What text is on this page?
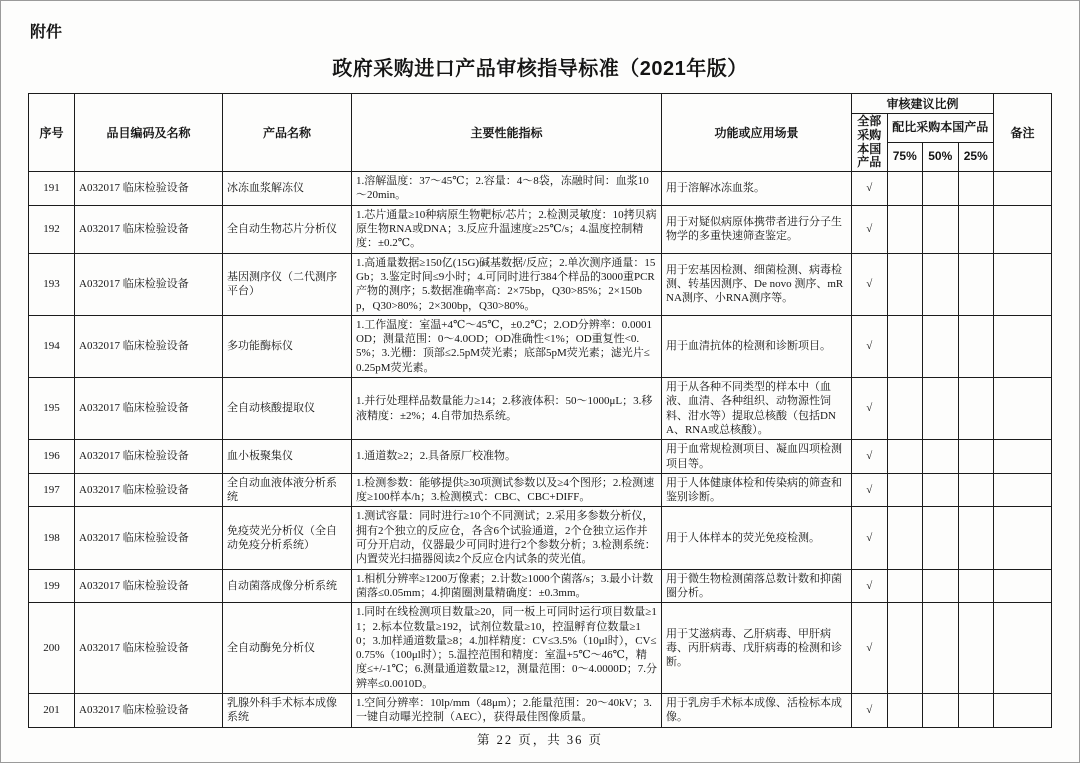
附件
政府采购进口产品审核指导标准（2021年版）
序号	品目编码及名称	产品名称	主要性能指标	功能或应用场景	审核建议比例				备注
					全部采购本国产品	配比采购本国产品			
						75%	50%	25%	
191	A032017 临床检验设备	冰冻血浆解冻仪	1.溶解温度：37～45℃；2.容量：4～8袋，冻融时间：血浆10～20min。	用于溶解冰冻血浆。	√				
192	A032017 临床检验设备	全自动生物芯片分析仪	1.芯片通量≥10种病原生物靶标/芯片；2.检测灵敏度：10拷贝病原生物RNA或DNA；3.反应升温速度≥25℃/s；4.温度控制精度：±0.2℃。	用于对疑似病原体携带者进行分子生物学的多重快速筛查鉴定。	√				
193	A032017 临床检验设备	基因测序仪（二代测序平台）	1.高通量数据≥150亿(15G)碱基数据/反应；2.单次测序通量：15Gb；3.鉴定时间≤9小时；4.可同时进行384个样品的3000重PCR产物的测序；5.数据准确率高：2×75bp，Q30>85%；2×150bp，Q30>80%；2×300bp，Q30>80%。	用于宏基因检测、细菌检测、病毒检测、转基因测序、De novo 测序、mRNA测序、小RNA测序等。	√				
194	A032017 临床检验设备	多功能酶标仪	1.工作温度：室温+4℃～45℃，±0.2℃；2.OD分辨率：0.0001OD；测量范围：0～4.0OD；OD准确性<1%；OD重复性<0.5%；3.光栅：顶部≤2.5pM荧光素；底部5pM荧光素；滤光片≤0.25pM荧光素。	用于血清抗体的检测和诊断项目。	√				
195	A032017 临床检验设备	全自动核酸提取仪	1.并行处理样品数量能力≥14；2.移液体积：50～1000μL；3.移液精度：±2%；4.自带加热系统。	用于从各种不同类型的样本中（血液、血清、各种组织、动物源性饲料、泔水等）提取总核酸（包括DNA、RNA或总核酸）。	√				
196	A032017 临床检验设备	血小板聚集仪	1.通道数≥2；2.具备原厂校准物。	用于血常规检测项目、凝血四项检测项目等。	√				
197	A032017 临床检验设备	全自动血液体液分析系统	1.检测参数：能够提供≥30项测试参数以及≥4个图形；2.检测速度≥100样本/h；3.检测模式：CBC、CBC+DIFF。	用于人体健康体检和传染病的筛查和鉴别诊断。	√				
198	A032017 临床检验设备	免疫荧光分析仪（全自动免疫分析系统）	1.测试容量：同时进行≥10个不同测试；2.采用多参数分析仪，拥有2个独立的反应仓，各含6个试验通道，2个仓独立运作并可分开启动，仪器最少可同时进行2个参数分析；3.检测系统：内置荧光扫描器阅读2个反应仓内试条的荧光值。	用于人体样本的荧光免疫检测。	√				
199	A032017 临床检验设备	自动菌落成像分析系统	1.相机分辨率≥1200万像素；2.计数≥1000个菌落/s；3.最小计数菌落≤0.05mm；4.抑菌圈测量精确度：±0.3mm。	用于微生物检测菌落总数计数和抑菌圈分析。	√				
200	A032017 临床检验设备	全自动酶免分析仪	1.同时在线检测项目数量≥20，同一板上可同时运行项目数量≥11；2.标本位数量≥192，试剂位数量≥10，控温孵育位数量≥10；3.加样通道数量≥8；4.加样精度：CV≤3.5%（10μl时），CV≤0.75%（100μl时）；5.温控范围和精度：室温+5℃～46℃，精度≤+/-1℃；6.测量通道数量≥12，测量范围：0～4.0000D；7.分辨率≤0.0010D。	用于艾滋病毒、乙肝病毒、甲肝病毒、丙肝病毒、戊肝病毒的检测和诊断。	√				
201	A032017 临床检验设备	乳腺外科手术标本成像系统	1.空间分辨率：10lp/mm（48μm）；2.能量范围：20～40kV；3.一键自动曝光控制（AEC），获得最佳图像质量。	用于乳房手术标本成像、活检标本成像。	√				
第 22 页，共 36 页
